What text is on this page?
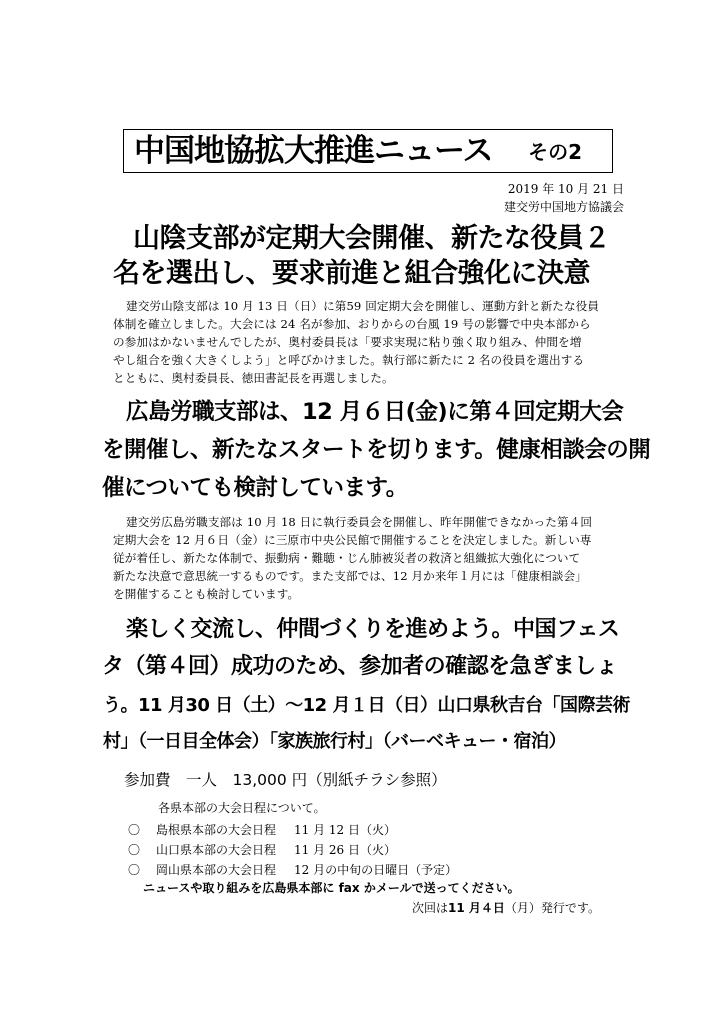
中国地協拡大推進ニュース その2
2019 年 10 月 21 日
建交労中国地方協議会
山陰支部が定期大会開催、新たな役員２
名を選出し、要求前進と組合強化に決意
建交労山陰支部は 10 月 13 日（日）に第59 回定期大会を開催し、運動方針と新たな役員
体制を確立しました。大会には 24 名が参加、おりからの台風 19 号の影響で中央本部から
の参加はかないませんでしたが、奥村委員長は「要求実現に粘り強く取り組み、仲間を増
やし組合を強く大きくしよう」と呼びかけました。執行部に新たに 2 名の役員を選出する
とともに、奥村委員長、徳田書記長を再選しました。
広島労職支部は、12 月６日(金)に第４回定期大会
を開催し、新たなスタートを切ります。健康相談会の開
催についても検討しています。
建交労広島労職支部は 10 月 18 日に執行委員会を開催し、昨年開催できなかった第４回
定期大会を 12 月６日（金）に三原市中央公民館で開催することを決定しました。新しい専
従が着任し、新たな体制で、振動病・難聴・じん肺被災者の救済と組織拡大強化について
新たな決意で意思統一するものです。また支部では、12 月か来年１月には「健康相談会」
を開催することも検討しています。
楽しく交流し、仲間づくりを進めよう。中国フェス
タ（第４回）成功のため、参加者の確認を急ぎましょ
う。11 月30 日（土）～12 月１日（日）山口県秋吉台「国際芸術
村」（一日目全体会）「家族旅行村」（バーベキュー・宿泊）
参加費　一人　13,000 円（別紙チラシ参照）
各県本部の大会日程について。
〇 島根県本部の大会日程 11 月 12 日（火）
〇 山口県本部の大会日程 11 月 26 日（火）
〇 岡山県本部の大会日程 12 月の中旬の日曜日（予定）
ニュースや取り組みを広島県本部に fax かメールで送ってください。
次回は11 月４日（月）発行です。
